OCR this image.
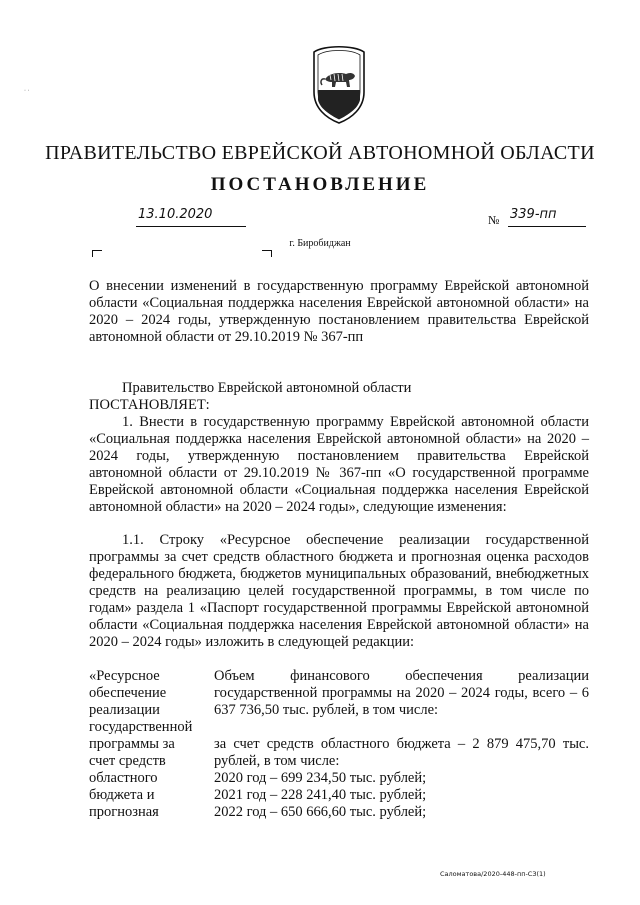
· ·
ПРАВИТЕЛЬСТВО ЕВРЕЙСКОЙ АВТОНОМНОЙ ОБЛАСТИ
ПОСТАНОВЛЕНИЕ
13.10.2020	№ 339-пп
г. Биробиджан
О внесении изменений в государственную программу Еврейской автономной области «Социальная поддержка населения Еврейской автономной области» на 2020 – 2024 годы, утвержденную постановлением правительства Еврейской автономной области от 29.10.2019 № 367-пп
Правительство Еврейской автономной области
ПОСТАНОВЛЯЕТ:
1. Внести в государственную программу Еврейской автономной области «Социальная поддержка населения Еврейской автономной области» на 2020 – 2024 годы, утвержденную постановлением правительства Еврейской автономной области от 29.10.2019 № 367-пп «О государственной программе Еврейской автономной области «Социальная поддержка населения Еврейской автономной области» на 2020 – 2024 годы», следующие изменения:
1.1. Строку «Ресурсное обеспечение реализации государственной программы за счет средств областного бюджета и прогнозная оценка расходов федерального бюджета, бюджетов муниципальных образований, внебюджетных средств на реализацию целей государственной программы, в том числе по годам» раздела 1 «Паспорт государственной программы Еврейской автономной области «Социальная поддержка населения Еврейской автономной области» на 2020 – 2024 годы» изложить в следующей редакции:
«Ресурсное
обеспечение
реализации
государственной
программы за
счет средств
областного
бюджета и
прогнозная
Объем финансового обеспечения реализации государственной программы на 2020 – 2024 годы, всего – 6 637 736,50 тыс. рублей, в том числе:
за счет средств областного бюджета – 2 879 475,70 тыс. рублей, в том числе:
2020 год – 699 234,50 тыс. рублей;
2021 год – 228 241,40 тыс. рублей;
2022 год – 650 666,60 тыс. рублей;
Саломатова/2020-448-пп-СЗ(1)
